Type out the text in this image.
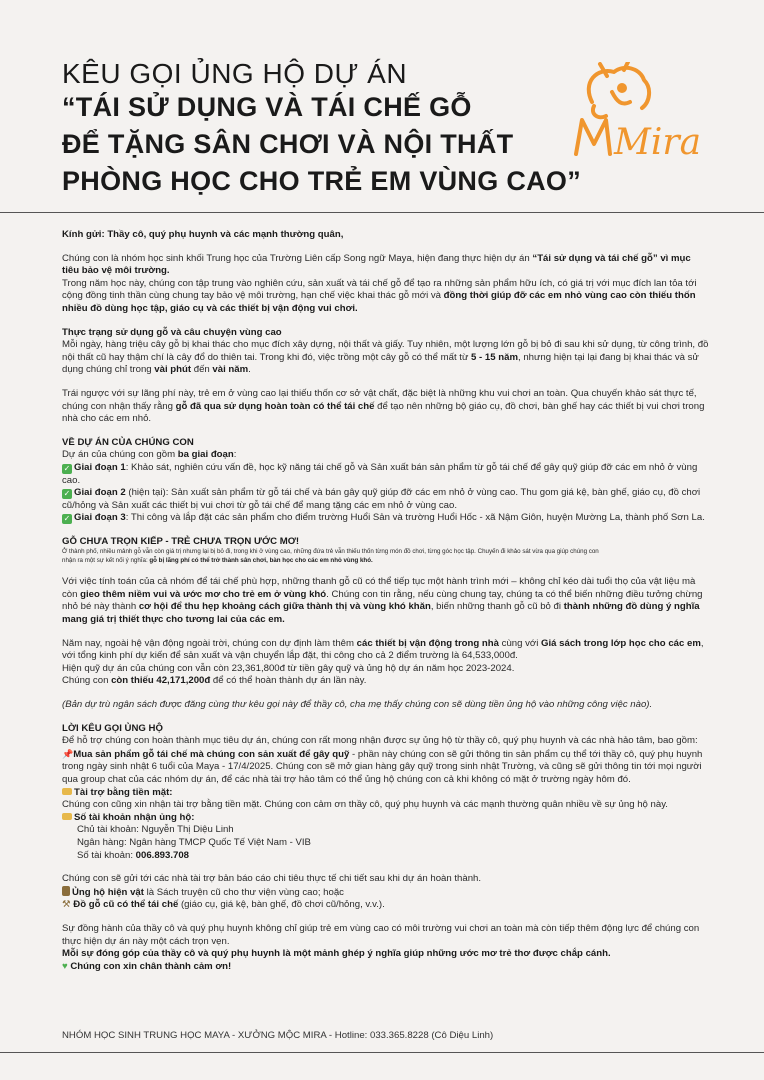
KÊU GỌI ỦNG HỘ DỰ ÁN
“TÁI SỬ DỤNG VÀ TÁI CHẾ GỖ
ĐỂ TẶNG SÂN CHƠI VÀ NỘI THẤT
PHÒNG HỌC CHO TRẺ EM VÙNG CAO”
Mira

Kính gửi: Thầy cô, quý phụ huynh và các mạnh thường quân,

Chúng con là nhóm học sinh khối Trung học của Trường Liên cấp Song ngữ Maya, hiện đang thực hiện dự án “Tái sử dụng và tái chế gỗ” vì mục tiêu bảo vệ môi trường.

Trong năm học này, chúng con tập trung vào nghiên cứu, sản xuất và tái chế gỗ để tạo ra những sản phẩm hữu ích, có giá trị với mục đích lan tỏa tới cộng đồng tinh thần cùng chung tay bảo vệ môi trường, hạn chế việc khai thác gỗ mới và đồng thời giúp đỡ các em nhỏ vùng cao còn thiếu thốn nhiều đồ dùng học tập, giáo cụ và các thiết bị vận động vui chơi.

Thực trạng sử dụng gỗ và câu chuyện vùng cao

Mỗi ngày, hàng triệu cây gỗ bị khai thác cho mục đích xây dựng, nội thất và giấy. Tuy nhiên, một lượng lớn gỗ bị bỏ đi sau khi sử dụng, từ công trình, đồ nội thất cũ hay thậm chí là cây đổ do thiên tai. Trong khi đó, việc trồng một cây gỗ có thể mất từ 5 - 15 năm, nhưng hiện tại lại đang bị khai thác và sử dụng chúng chỉ trong vài phút đến vài năm.

Trái ngược với sự lãng phí này, trẻ em ở vùng cao lại thiếu thốn cơ sở vật chất, đặc biệt là những khu vui chơi an toàn. Qua chuyến khảo sát thực tế, chúng con nhận thấy rằng gỗ đã qua sử dụng hoàn toàn có thể tái chế để tạo nên những bộ giáo cụ, đồ chơi, bàn ghế hay các thiết bị vui chơi trong nhà cho các em nhỏ.

VỀ DỰ ÁN CỦA CHÚNG CON

Dự án của chúng con gồm ba giai đoạn:

✓ Giai đoạn 1: Khảo sát, nghiên cứu vấn đề, học kỹ năng tái chế gỗ và Sản xuất bán sản phẩm từ gỗ tái chế để gây quỹ giúp đỡ các em nhỏ ở vùng cao.

✓ Giai đoạn 2 (hiện tại): Sản xuất sản phẩm từ gỗ tái chế và bán gây quỹ giúp đỡ các em nhỏ ở vùng cao. Thu gom giá kệ, bàn ghế, giáo cụ, đồ chơi cũ/hỏng và Sản xuất các thiết bị vui chơi từ gỗ tái chế để mang tặng các em nhỏ ở vùng cao.

✓ Giai đoạn 3: Thi công và lắp đặt các sản phẩm cho điểm trường Huổi Sản và trường Huổi Hốc - xã Nậm Giôn, huyện Mường La, thành phố Sơn La.

GỖ CHƯA TRỌN KIẾP - TRẺ CHƯA TRỌN ƯỚC MƠ!

Ở thành phố, nhiều mảnh gỗ vẫn còn giá trị nhưng lại bị bỏ đi, trong khi ở vùng cao, những đứa trẻ vẫn thiếu thốn từng món đồ chơi, từng góc học tập. Chuyến đi khảo sát vừa qua giúp chúng con

nhận ra một sự kết nối ý nghĩa: gỗ bị lãng phí có thể trở thành sân chơi, bàn học cho các em nhỏ vùng khó.

Với việc tính toán của cả nhóm để tái chế phù hợp, những thanh gỗ cũ có thể tiếp tục một hành trình mới – không chỉ kéo dài tuổi thọ của vật liệu mà còn gieo thêm niềm vui và ước mơ cho trẻ em ở vùng khó. Chúng con tin rằng, nếu cùng chung tay, chúng ta có thể biến những điều tưởng chừng nhỏ bé này thành cơ hội để thu hẹp khoảng cách giữa thành thị và vùng khó khăn, biến những thanh gỗ cũ bỏ đi thành những đồ dùng ý nghĩa mang giá trị thiết thực cho tương lai của các em.

Năm nay, ngoài hệ vận động ngoài trời, chúng con dự định làm thêm các thiết bị vận động trong nhà cùng với Giá sách trong lớp học cho các em, với tổng kinh phí dự kiến để sản xuất và vận chuyển lắp đặt, thi công cho cả 2 điểm trường là 64,533,000đ.

Hiện quỹ dự án của chúng con vẫn còn 23,361,800đ từ tiền gây quỹ và ủng hộ dự án năm học 2023-2024.

Chúng con còn thiếu 42,171,200đ để có thể hoàn thành dự án lần này.

(Bản dự trù ngân sách được đăng cùng thư kêu gọi này để thầy cô, cha mẹ thấy chúng con sẽ dùng tiền ủng hộ vào những công việc nào).

LỜI KÊU GỌI ỦNG HỘ

Để hỗ trợ chúng con hoàn thành mục tiêu dự án, chúng con rất mong nhận được sự ủng hộ từ thầy cô, quý phụ huynh và các nhà hảo tâm, bao gồm:

📌Mua sản phẩm gỗ tái chế mà chúng con sản xuất để gây quỹ - phần này chúng con sẽ gửi thông tin sản phẩm cụ thể tới thầy cô, quý phụ huynh trong ngày sinh nhật 6 tuổi của Maya - 17/4/2025. Chúng con sẽ mở gian hàng gây quỹ trong sinh nhật Trường, và cũng sẽ gửi thông tin tới mọi người qua group chat của các nhóm dự án, để các nhà tài trợ hảo tâm có thể ủng hộ chúng con cả khi không có mặt ở trường ngày hôm đó.

Tài trợ bằng tiền mặt:

Chúng con cũng xin nhận tài trợ bằng tiền mặt. Chúng con cảm ơn thầy cô, quý phụ huynh và các mạnh thường quân nhiều về sự ủng hộ này.

Số tài khoản nhận ủng hộ:

Chủ tài khoản: Nguyễn Thị Diệu Linh

Ngân hàng: Ngân hàng TMCP Quốc Tế Việt Nam - VIB

Số tài khoản: 006.893.708

Chúng con sẽ gửi tới các nhà tài trợ bản báo cáo chi tiêu thực tế chi tiết sau khi dự án hoàn thành.

Ủng hộ hiện vật là Sách truyện cũ cho thư viện vùng cao; hoặc

⚒ Đồ gỗ cũ có thể tái chế (giáo cụ, giá kệ, bàn ghế, đồ chơi cũ/hỏng, v.v.).

Sự đồng hành của thầy cô và quý phụ huynh không chỉ giúp trẻ em vùng cao có môi trường vui chơi an toàn mà còn tiếp thêm động lực để chúng con thực hiện dự án này một cách trọn vẹn.

Mỗi sự đóng góp của thầy cô và quý phụ huynh là một mảnh ghép ý nghĩa giúp những ước mơ trẻ thơ được chắp cánh.

♥ Chúng con xin chân thành cảm ơn!

NHÓM HỌC SINH TRUNG HỌC MAYA - XƯỞNG MỘC MIRA - Hotline: 033.365.8228 (Cô Diệu Linh)
